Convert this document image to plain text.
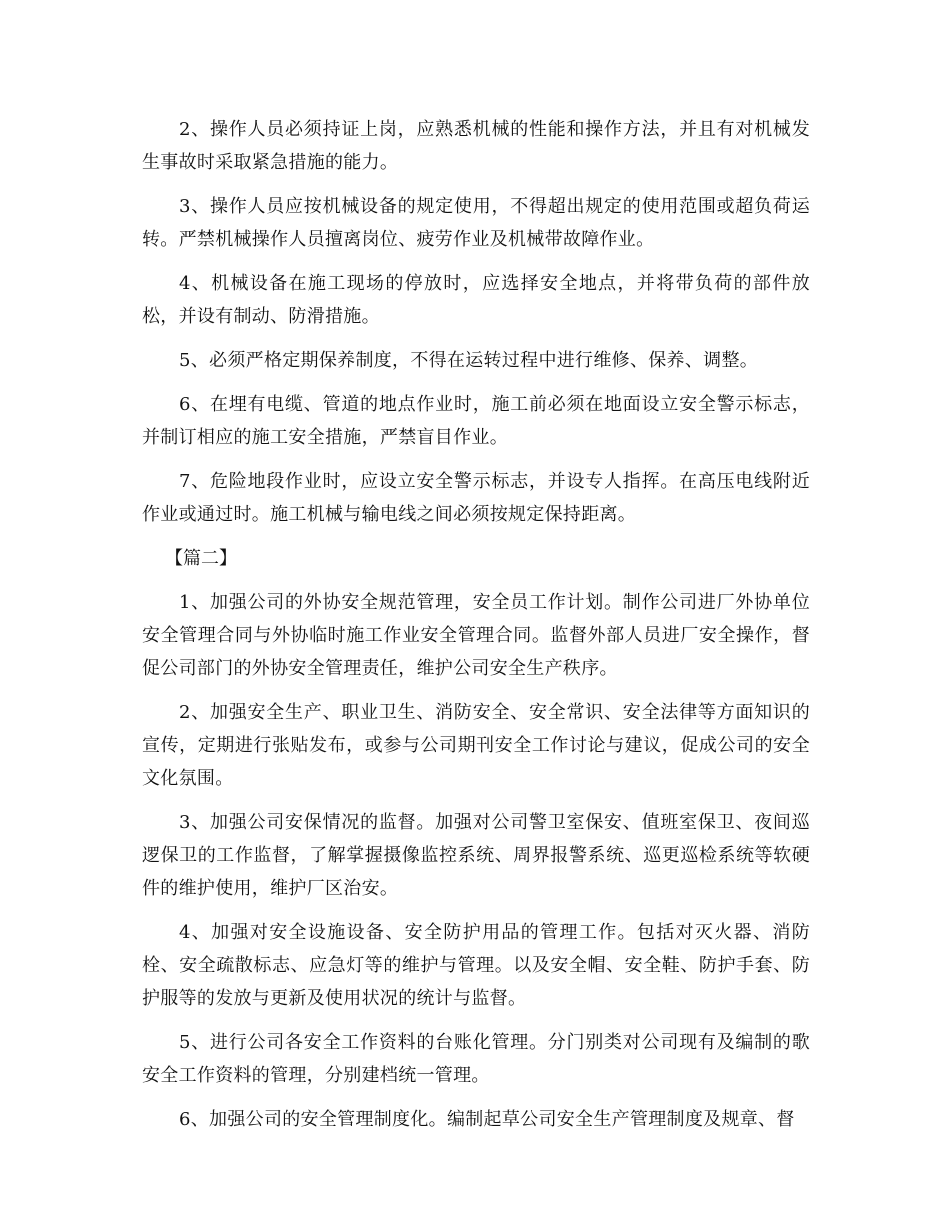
2、操作人员必须持证上岗，应熟悉机械的性能和操作方法，并且有对机械发生事故时采取紧急措施的能力。

3、操作人员应按机械设备的规定使用，不得超出规定的使用范围或超负荷运转。严禁机械操作人员擅离岗位、疲劳作业及机械带故障作业。

4、机械设备在施工现场的停放时，应选择安全地点，并将带负荷的部件放松，并设有制动、防滑措施。

5、必须严格定期保养制度，不得在运转过程中进行维修、保养、调整。

6、在埋有电缆、管道的地点作业时，施工前必须在地面设立安全警示标志，并制订相应的施工安全措施，严禁盲目作业。

7、危险地段作业时，应设立安全警示标志，并设专人指挥。在高压电线附近作业或通过时。施工机械与输电线之间必须按规定保持距离。

【篇二】

1、加强公司的外协安全规范管理，安全员工作计划。制作公司进厂外协单位安全管理合同与外协临时施工作业安全管理合同。监督外部人员进厂安全操作，督促公司部门的外协安全管理责任，维护公司安全生产秩序。

2、加强安全生产、职业卫生、消防安全、安全常识、安全法律等方面知识的宣传，定期进行张贴发布，或参与公司期刊安全工作讨论与建议，促成公司的安全文化氛围。

3、加强公司安保情况的监督。加强对公司警卫室保安、值班室保卫、夜间巡逻保卫的工作监督，了解掌握摄像监控系统、周界报警系统、巡更巡检系统等软硬件的维护使用，维护厂区治安。

4、加强对安全设施设备、安全防护用品的管理工作。包括对灭火器、消防栓、安全疏散标志、应急灯等的维护与管理。以及安全帽、安全鞋、防护手套、防护服等的发放与更新及使用状况的统计与监督。

5、进行公司各安全工作资料的台账化管理。分门别类对公司现有及编制的歌安全工作资料的管理，分别建档统一管理。

6、加强公司的安全管理制度化。编制起草公司安全生产管理制度及规章、督
